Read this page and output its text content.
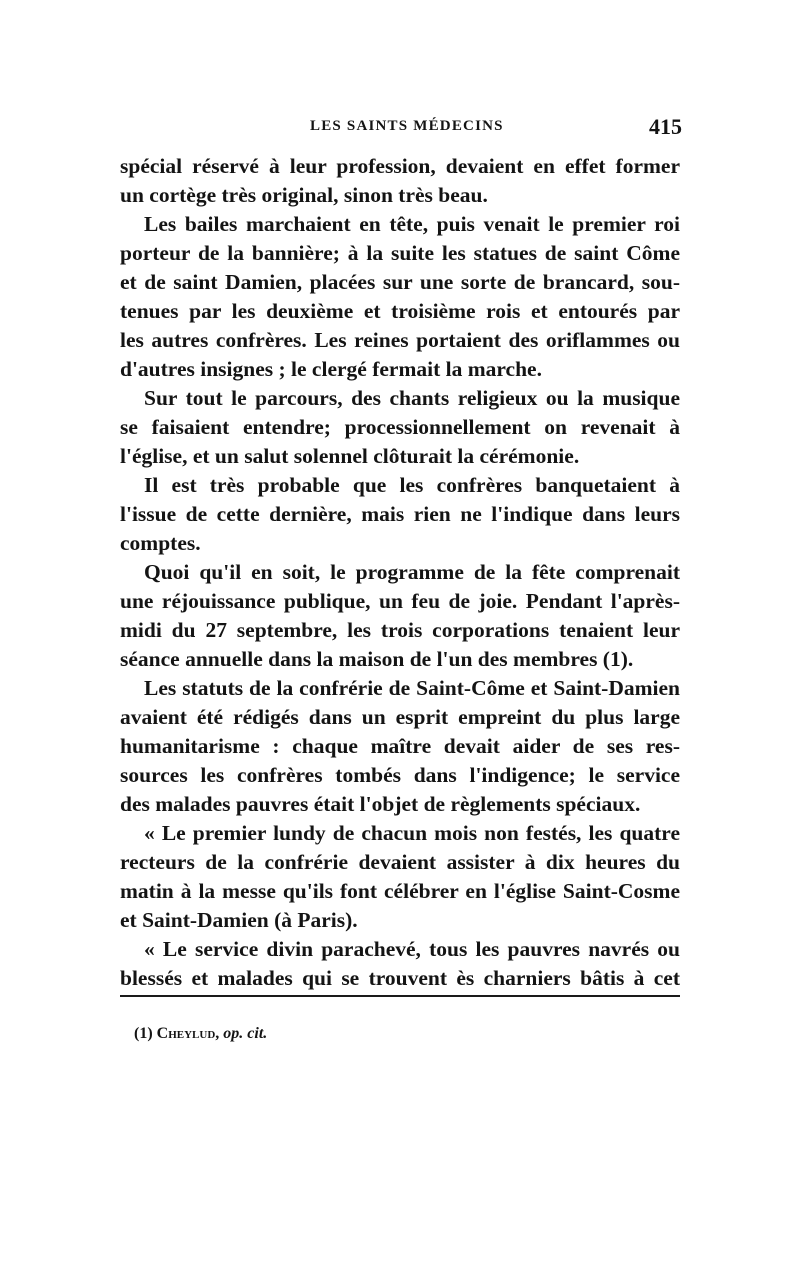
LES SAINTS MÉDECINS	415
spécial réservé à leur profession, devaient en effet former
un cortège très original, sinon très beau.
Les bailes marchaient en tête, puis venait le premier roi
porteur de la bannière; à la suite les statues de saint Côme
et de saint Damien, placées sur une sorte de brancard, sou-
tenues par les deuxième et troisième rois et entourés par
les autres confrères. Les reines portaient des oriflammes ou
d'autres insignes ; le clergé fermait la marche.
Sur tout le parcours, des chants religieux ou la musique
se faisaient entendre; processionnellement on revenait à
l'église, et un salut solennel clôturait la cérémonie.
Il est très probable que les confrères banquetaient à
l'issue de cette dernière, mais rien ne l'indique dans leurs
comptes.
Quoi qu'il en soit, le programme de la fête comprenait
une réjouissance publique, un feu de joie. Pendant l'après-
midi du 27 septembre, les trois corporations tenaient leur
séance annuelle dans la maison de l'un des membres (1).
Les statuts de la confrérie de Saint-Côme et Saint-Damien
avaient été rédigés dans un esprit empreint du plus large
humanitarisme : chaque maître devait aider de ses res-
sources les confrères tombés dans l'indigence; le service
des malades pauvres était l'objet de règlements spéciaux.
« Le premier lundy de chacun mois non festés, les quatre
recteurs de la confrérie devaient assister à dix heures du
matin à la messe qu'ils font célébrer en l'église Saint-Cosme
et Saint-Damien (à Paris).
« Le service divin parachevé, tous les pauvres navrés ou
blessés et malades qui se trouvent ès charniers bâtis à cet
(1) Cheylud, op. cit.
